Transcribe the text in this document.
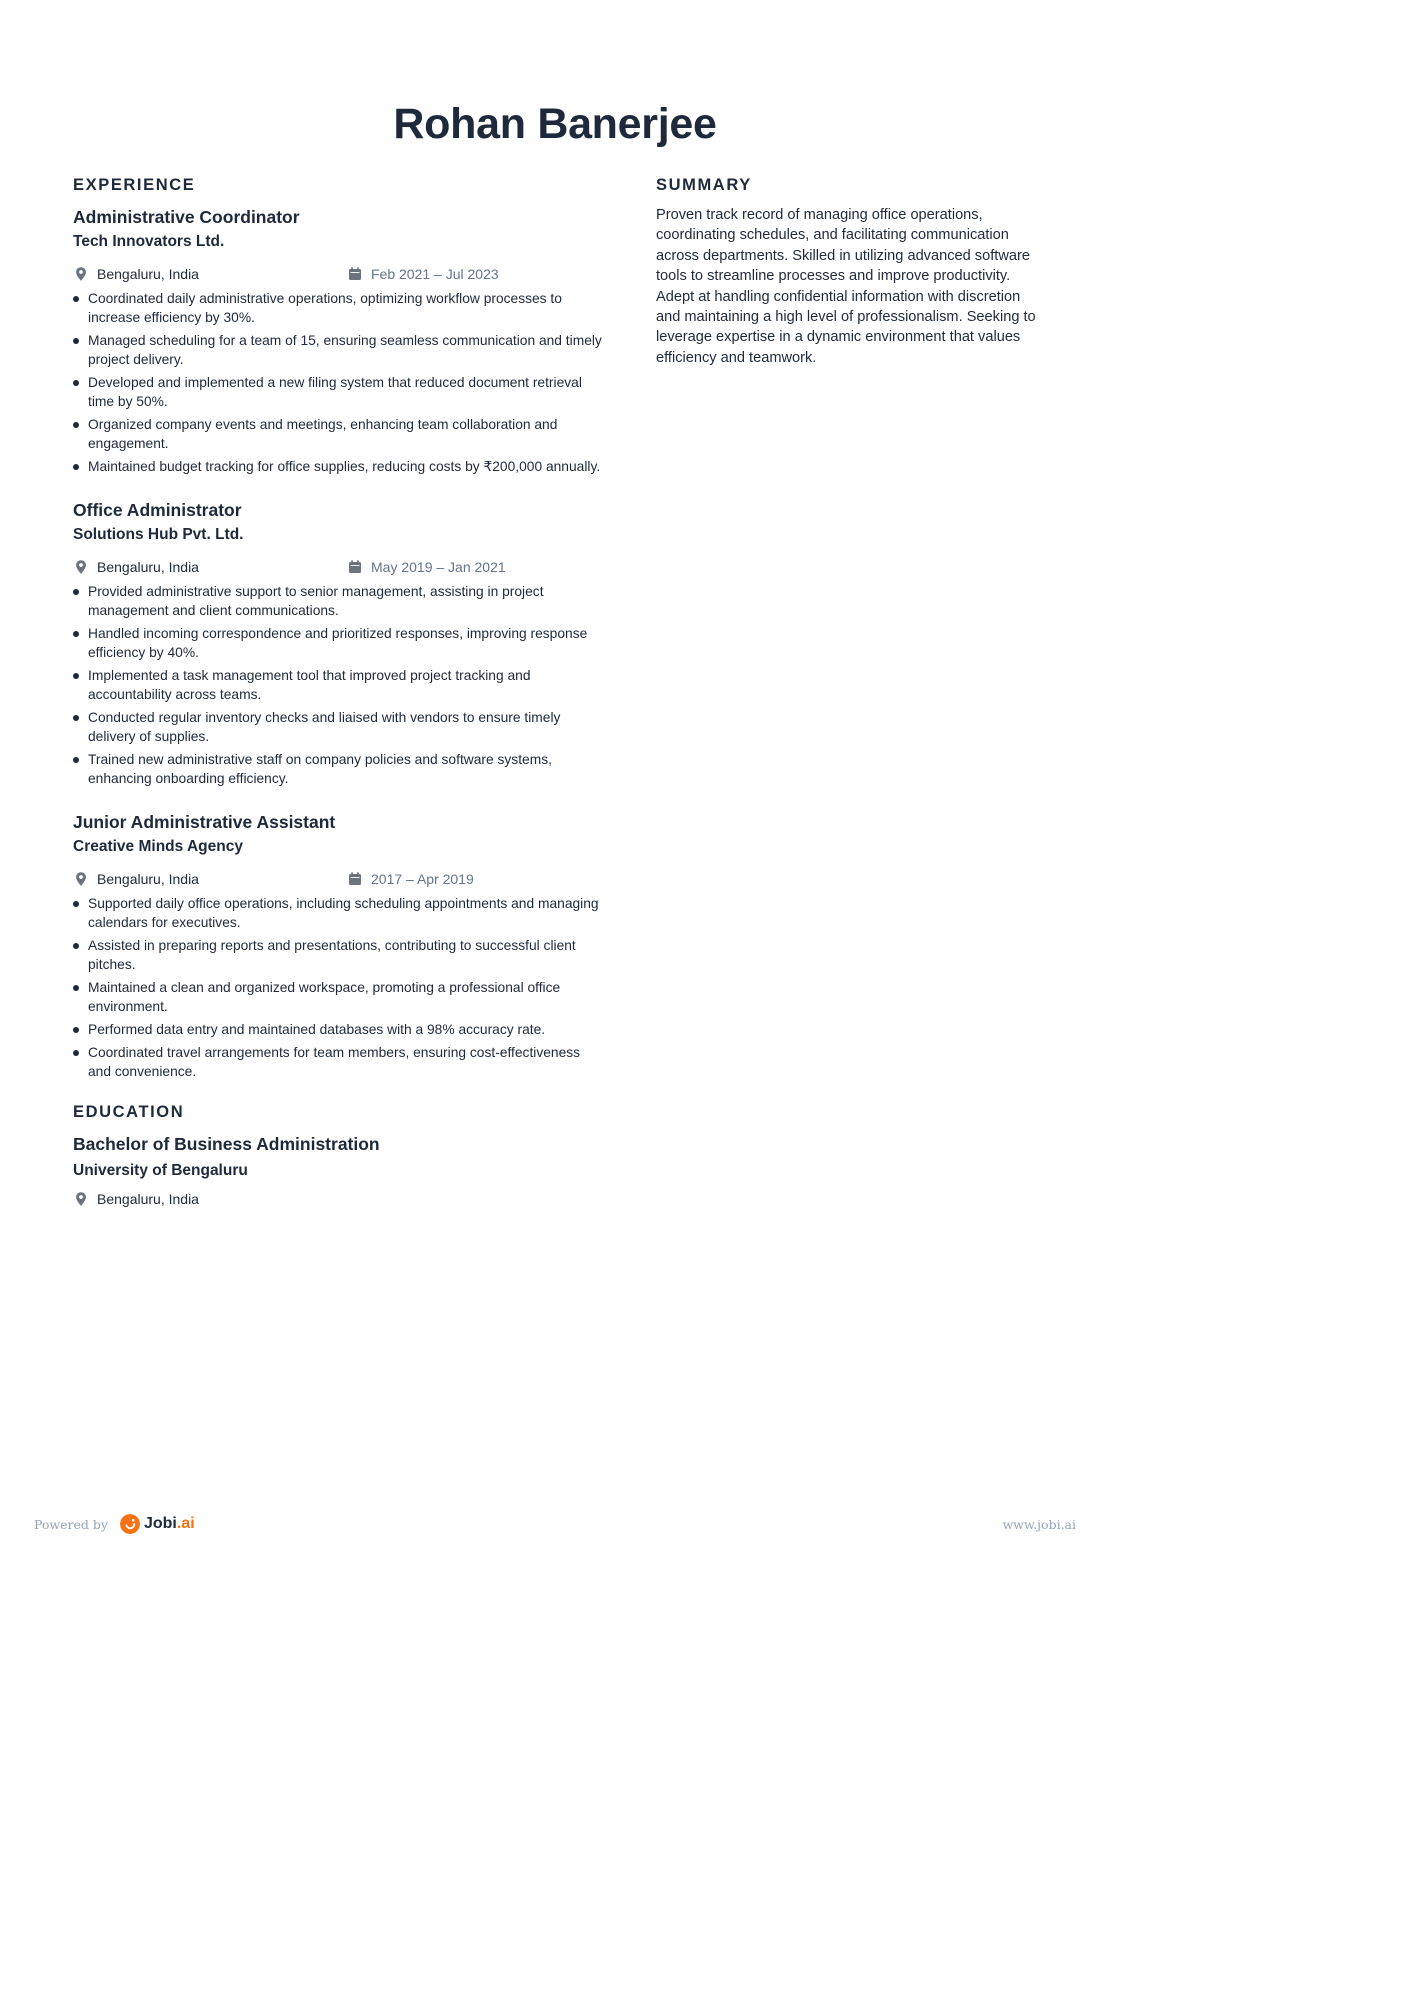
Rohan Banerjee
EXPERIENCE
Administrative Coordinator
Tech Innovators Ltd.
Bengaluru, India	Feb 2021 – Jul 2023
Coordinated daily administrative operations, optimizing workflow processes to increase efficiency by 30%.
Managed scheduling for a team of 15, ensuring seamless communication and timely project delivery.
Developed and implemented a new filing system that reduced document retrieval time by 50%.
Organized company events and meetings, enhancing team collaboration and engagement.
Maintained budget tracking for office supplies, reducing costs by ₹200,000 annually.
Office Administrator
Solutions Hub Pvt. Ltd.
Bengaluru, India	May 2019 – Jan 2021
Provided administrative support to senior management, assisting in project management and client communications.
Handled incoming correspondence and prioritized responses, improving response efficiency by 40%.
Implemented a task management tool that improved project tracking and accountability across teams.
Conducted regular inventory checks and liaised with vendors to ensure timely delivery of supplies.
Trained new administrative staff on company policies and software systems, enhancing onboarding efficiency.
Junior Administrative Assistant
Creative Minds Agency
Bengaluru, India	2017 – Apr 2019
Supported daily office operations, including scheduling appointments and managing calendars for executives.
Assisted in preparing reports and presentations, contributing to successful client pitches.
Maintained a clean and organized workspace, promoting a professional office environment.
Performed data entry and maintained databases with a 98% accuracy rate.
Coordinated travel arrangements for team members, ensuring cost-effectiveness and convenience.
EDUCATION
Bachelor of Business Administration
University of Bengaluru
Bengaluru, India
SUMMARY

Proven track record of managing office operations, coordinating schedules, and facilitating communication across departments. Skilled in utilizing advanced software tools to streamline processes and improve productivity. Adept at handling confidential information with discretion and maintaining a high level of professionalism. Seeking to leverage expertise in a dynamic environment that values efficiency and teamwork.

Powered by Jobi.ai	www.jobi.ai
